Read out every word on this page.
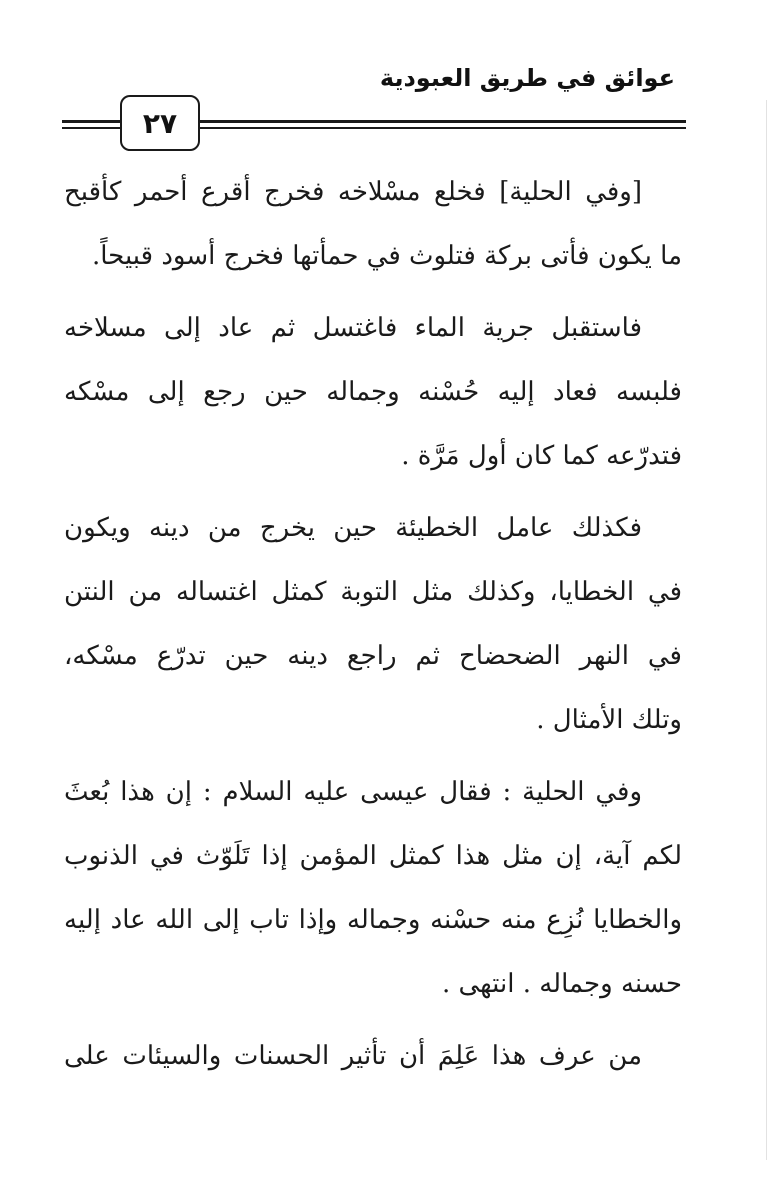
عوائق في طريق العبودية
٢٧
[وفي الحلية] فخلع مسْلاخه فخرج أقرع أحمر كأقبح
ما يكون فأتى بركة فتلوث في حمأتها فخرج أسود قبيحاً.
فاستقبل جرية الماء فاغتسل ثم عاد إلى مسلاخه
فلبسه فعاد إليه حُسْنه وجماله حين رجع إلى مسْكه
فتدرّعه كما كان أول مَرَّة .
فكذلك عامل الخطيئة حين يخرج من دينه ويكون
في الخطايا، وكذلك مثل التوبة كمثل اغتساله من النتن
في النهر الضحضاح ثم راجع دينه حين تدرّع مسْكه،
وتلك الأمثال .
وفي الحلية : فقال عيسى عليه السلام : إن هذا بُعثَ
لكم آية، إن مثل هذا كمثل المؤمن إذا تَلَوّث في الذنوب
والخطايا نُزِع منه حسْنه وجماله وإذا تاب إلى الله عاد إليه
حسنه وجماله . انتهى .
من عرف هذا عَلِمَ أن تأثير الحسنات والسيئات على
